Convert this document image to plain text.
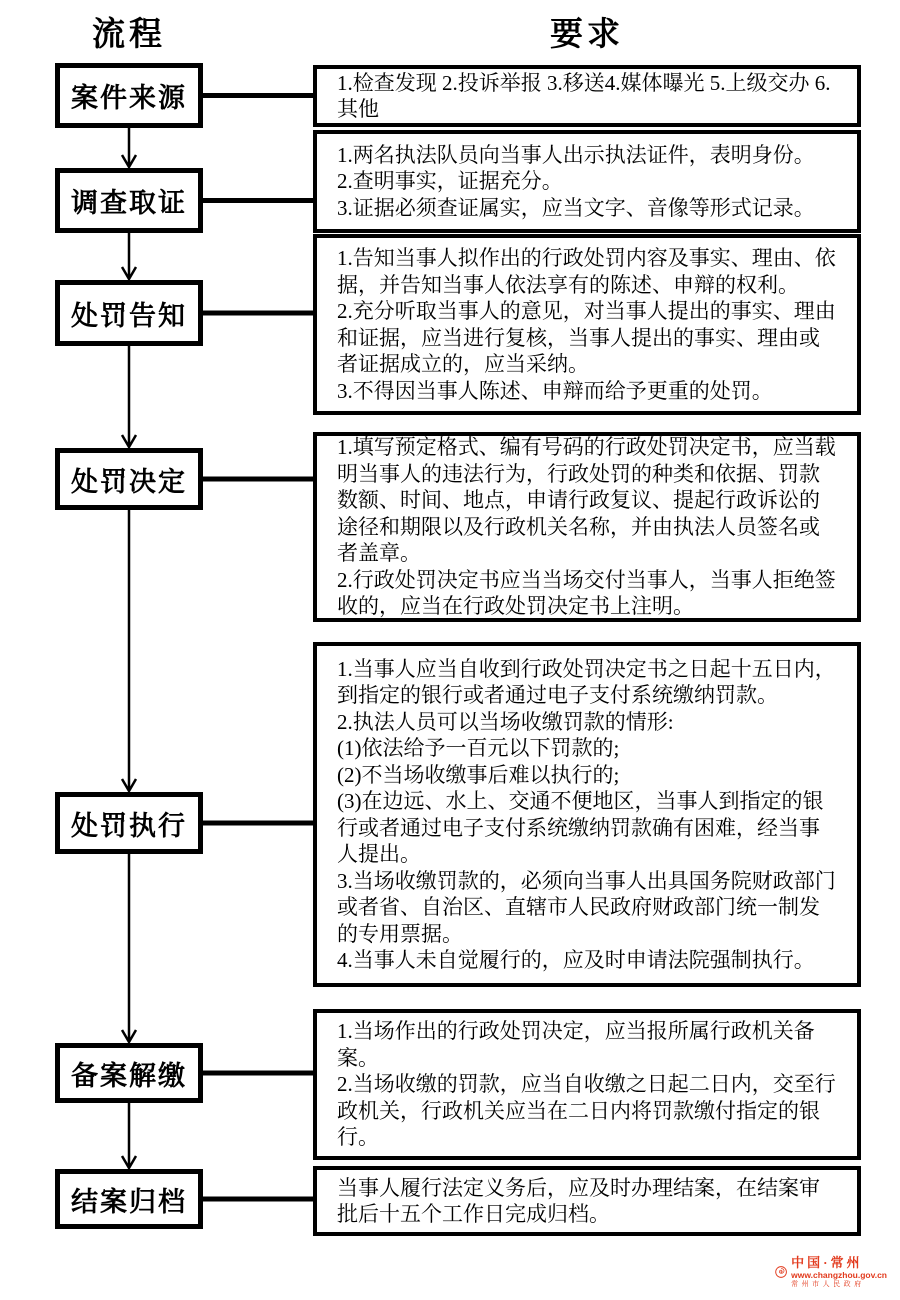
流程	要求
案件来源
调查取证
处罚告知
处罚决定
处罚执行
备案解缴
结案归档
1.检查发现 2.投诉举报 3.移送4.媒体曝光 5.上级交办 6.其他
1.两名执法队员向当事人出示执法证件，表明身份。
2.查明事实，证据充分。
3.证据必须查证属实，应当文字、音像等形式记录。
1.告知当事人拟作出的行政处罚内容及事实、理由、依据，并告知当事人依法享有的陈述、申辩的权利。
2.充分听取当事人的意见，对当事人提出的事实、理由和证据，应当进行复核，当事人提出的事实、理由或者证据成立的，应当采纳。
3.不得因当事人陈述、申辩而给予更重的处罚。
1.填写预定格式、编有号码的行政处罚决定书，应当载明当事人的违法行为，行政处罚的种类和依据、罚款数额、时间、地点，申请行政复议、提起行政诉讼的途径和期限以及行政机关名称，并由执法人员签名或者盖章。
2.行政处罚决定书应当当场交付当事人，当事人拒绝签收的，应当在行政处罚决定书上注明。
1.当事人应当自收到行政处罚决定书之日起十五日内，到指定的银行或者通过电子支付系统缴纳罚款。
2.执法人员可以当场收缴罚款的情形:
(1)依法给予一百元以下罚款的;
(2)不当场收缴事后难以执行的;
(3)在边远、水上、交通不便地区，当事人到指定的银行或者通过电子支付系统缴纳罚款确有困难，经当事人提出。
3.当场收缴罚款的，必须向当事人出具国务院财政部门或者省、自治区、直辖市人民政府财政部门统一制发的专用票据。
4.当事人未自觉履行的，应及时申请法院强制执行。
1.当场作出的行政处罚决定，应当报所属行政机关备案。
2.当场收缴的罚款，应当自收缴之日起二日内，交至行政机关，行政机关应当在二日内将罚款缴付指定的银行。
当事人履行法定义务后，应及时办理结案，在结案审批后十五个工作日完成归档。
中国·常州
www.changzhou.gov.cn
常州市人民政府
